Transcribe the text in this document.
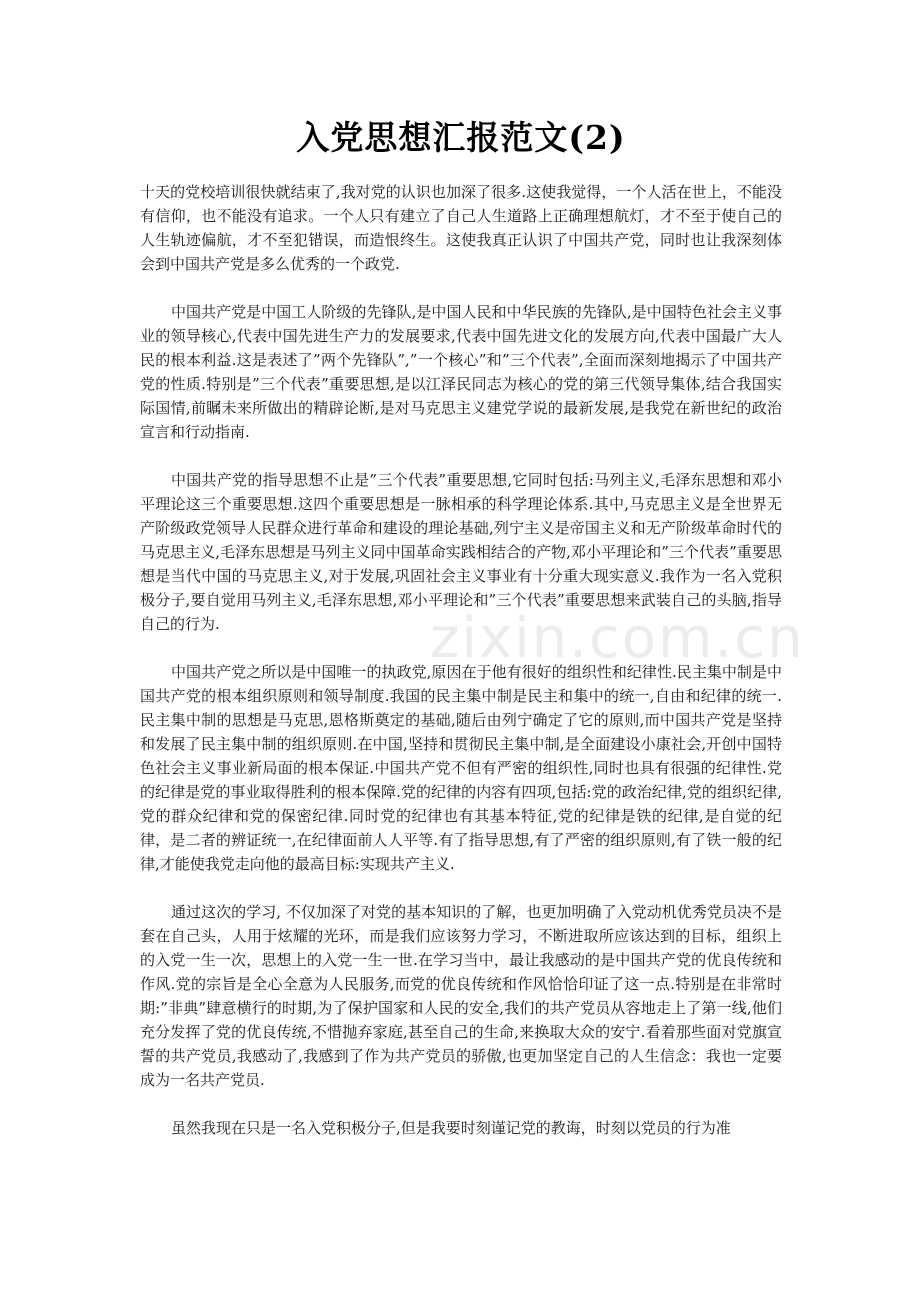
入党思想汇报范文(2)

十天的党校培训很快就结束了,我对党的认识也加深了很多.这使我觉得，一个人活在世上，不能没有信仰，也不能没有追求。一个人只有建立了自己人生道路上正确理想航灯，才不至于使自己的人生轨迹偏航，才不至犯错误，而造恨终生。这使我真正认识了中国共产党，同时也让我深刻体会到中国共产党是多么优秀的一个政党.

中国共产党是中国工人阶级的先锋队,是中国人民和中华民族的先锋队,是中国特色社会主义事业的领导核心,代表中国先进生产力的发展要求,代表中国先进文化的发展方向,代表中国最广大人民的根本利益.这是表述了”两个先锋队”,”一个核心”和”三个代表”,全面而深刻地揭示了中国共产党的性质.特别是”三个代表”重要思想,是以江泽民同志为核心的党的第三代领导集体,结合我国实际国情,前瞩未来所做出的精辟论断,是对马克思主义建党学说的最新发展,是我党在新世纪的政治宣言和行动指南.

中国共产党的指导思想不止是”三个代表”重要思想,它同时包括:马列主义,毛泽东思想和邓小平理论这三个重要思想.这四个重要思想是一脉相承的科学理论体系.其中,马克思主义是全世界无产阶级政党领导人民群众进行革命和建设的理论基础,列宁主义是帝国主义和无产阶级革命时代的马克思主义,毛泽东思想是马列主义同中国革命实践相结合的产物,邓小平理论和”三个代表”重要思想是当代中国的马克思主义,对于发展,巩固社会主义事业有十分重大现实意义.我作为一名入党积极分子,要自觉用马列主义,毛泽东思想,邓小平理论和”三个代表”重要思想来武装自己的头脑,指导自己的行为.

中国共产党之所以是中国唯一的执政党,原因在于他有很好的组织性和纪律性.民主集中制是中国共产党的根本组织原则和领导制度.我国的民主集中制是民主和集中的统一,自由和纪律的统一.民主集中制的思想是马克思,恩格斯奠定的基础,随后由列宁确定了它的原则,而中国共产党是坚持和发展了民主集中制的组织原则.在中国,坚持和贯彻民主集中制,是全面建设小康社会,开创中国特色社会主义事业新局面的根本保证.中国共产党不但有严密的组织性,同时也具有很强的纪律性.党的纪律是党的事业取得胜利的根本保障.党的纪律的内容有四项,包括:党的政治纪律,党的组织纪律,党的群众纪律和党的保密纪律.同时党的纪律也有其基本特征,党的纪律是铁的纪律,是自觉的纪律，是二者的辨证统一,在纪律面前人人平等.有了指导思想,有了严密的组织原则,有了铁一般的纪律,才能使我党走向他的最高目标:实现共产主义.

通过这次的学习, 不仅加深了对党的基本知识的了解，也更加明确了入党动机优秀党员决不是套在自己头，人用于炫耀的光环，而是我们应该努力学习，不断进取所应该达到的目标，组织上的入党一生一次，思想上的入党一生一世.在学习当中，最让我感动的是中国共产党的优良传统和作风.党的宗旨是全心全意为人民服务,而党的优良传统和作风恰恰印证了这一点.特别是在非常时期:”非典”肆意横行的时期,为了保护国家和人民的安全,我们的共产党员从容地走上了第一线,他们充分发挥了党的优良传统,不惜抛弃家庭,甚至自己的生命,来换取大众的安宁.看着那些面对党旗宣誓的共产党员,我感动了,我感到了作为共产党员的骄傲,也更加坚定自己的人生信念：我也一定要成为一名共产党员.

虽然我现在只是一名入党积极分子,但是我要时刻谨记党的教诲，时刻以党员的行为准

zixin.com.cn
